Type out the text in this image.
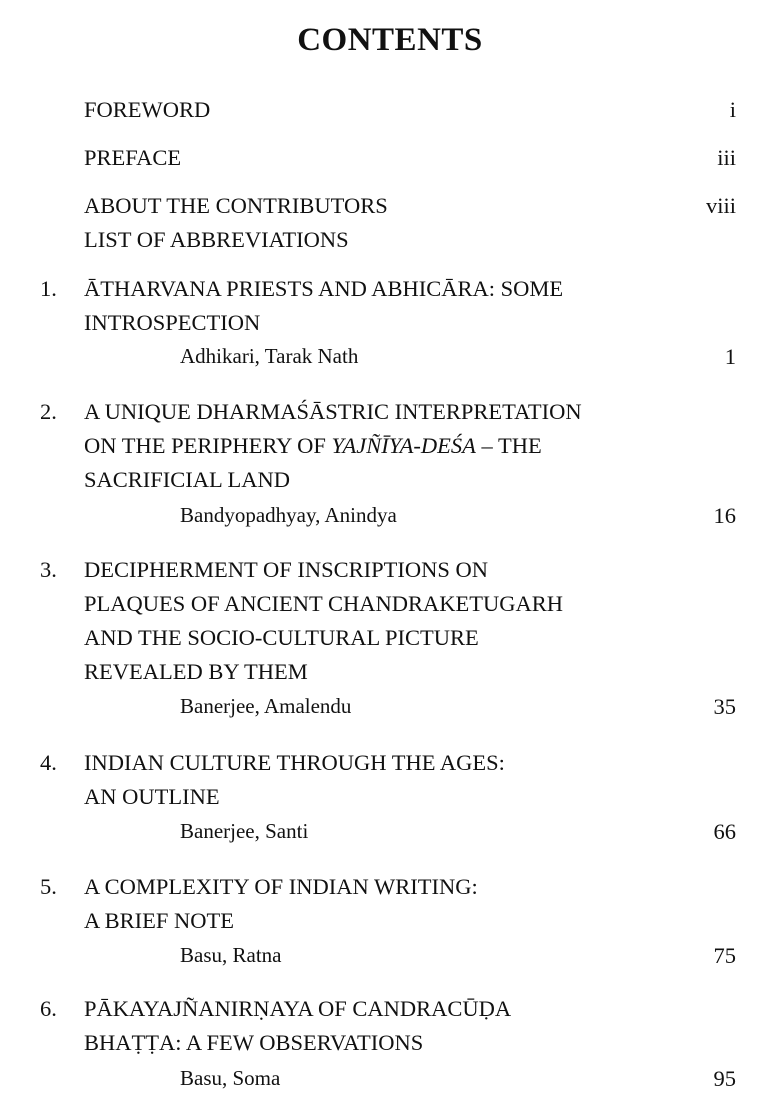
CONTENTS
FOREWORD	i
PREFACE	iii
ABOUT THE CONTRIBUTORS	viii
LIST OF ABBREVIATIONS
1. ĀTHARVANA PRIESTS AND ABHICĀRA: SOME
INTROSPECTION
Adhikari, Tarak Nath	1
2. A UNIQUE DHARMAŚĀSTRIC INTERPRETATION
ON THE PERIPHERY OF YAJÑĪYA-DEŚA – THE
SACRIFICIAL LAND
Bandyopadhyay, Anindya	16
3. DECIPHERMENT OF INSCRIPTIONS ON
PLAQUES OF ANCIENT CHANDRAKETUGARH
AND THE SOCIO-CULTURAL PICTURE
REVEALED BY THEM
Banerjee, Amalendu	35
4. INDIAN CULTURE THROUGH THE AGES:
AN OUTLINE
Banerjee, Santi	66
5. A COMPLEXITY OF INDIAN WRITING:
A BRIEF NOTE
Basu, Ratna	75
6. PĀKAYAJÑANIRṆAYA OF CANDRACŪḌA
BHAṬṬA: A FEW OBSERVATIONS
Basu, Soma	95
